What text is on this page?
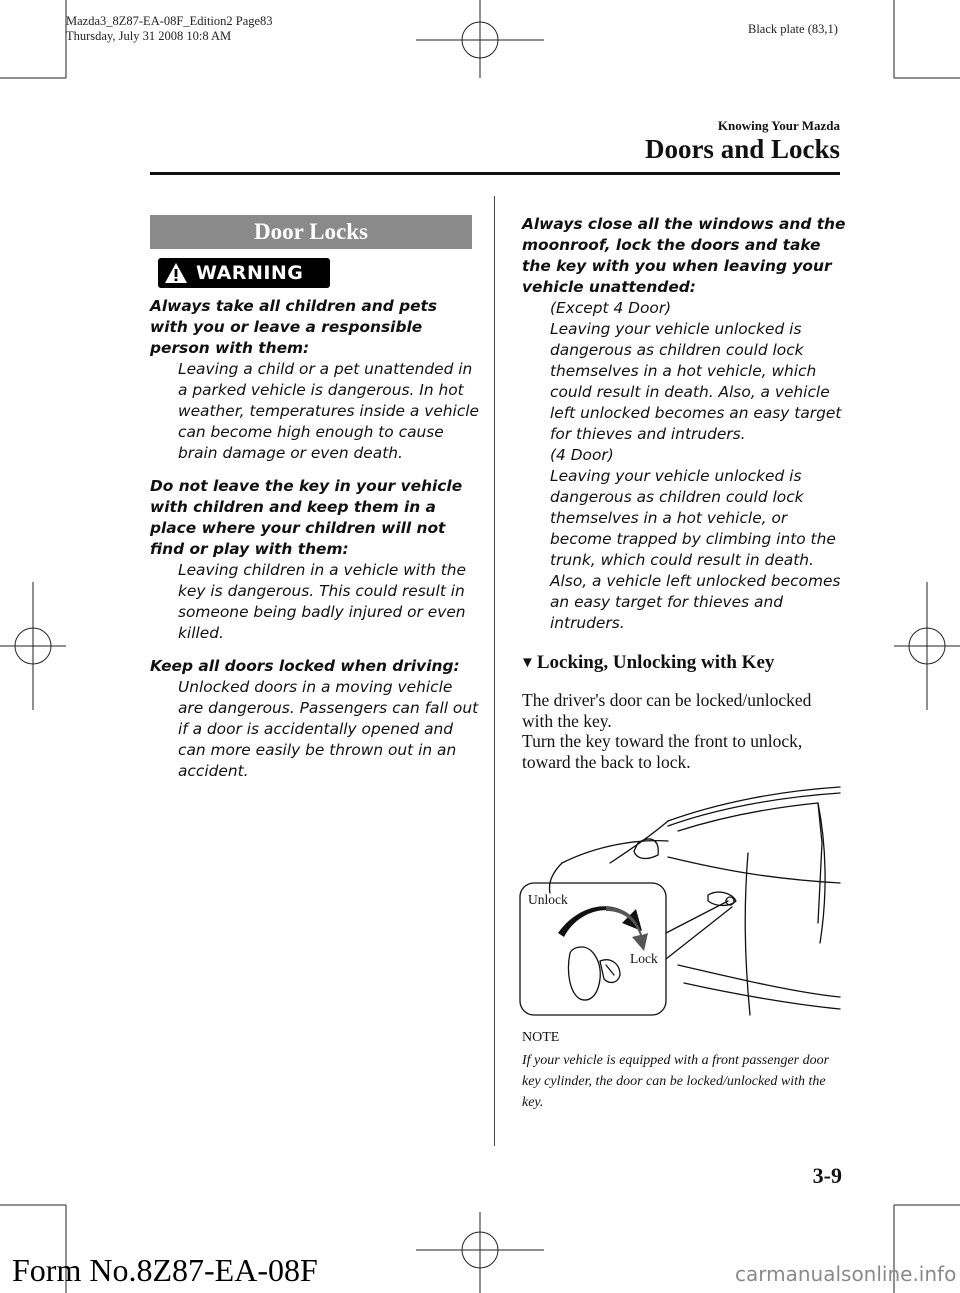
Mazda3_8Z87-EA-08F_Edition2 Page83
Thursday, July 31 2008 10:8 AM	Black plate (83,1)
Knowing Your Mazda
Doors and Locks
Door Locks
WARNING
Always take all children and pets with you or leave a responsible person with them:
Leaving a child or a pet unattended in a parked vehicle is dangerous. In hot weather, temperatures inside a vehicle can become high enough to cause brain damage or even death.
Do not leave the key in your vehicle with children and keep them in a place where your children will not find or play with them:
Leaving children in a vehicle with the key is dangerous. This could result in someone being badly injured or even killed.
Keep all doors locked when driving:
Unlocked doors in a moving vehicle are dangerous. Passengers can fall out if a door is accidentally opened and can more easily be thrown out in an accident.
Always close all the windows and the moonroof, lock the doors and take the key with you when leaving your vehicle unattended:
(Except 4 Door)
Leaving your vehicle unlocked is dangerous as children could lock themselves in a hot vehicle, which could result in death. Also, a vehicle left unlocked becomes an easy target for thieves and intruders.
(4 Door)
Leaving your vehicle unlocked is dangerous as children could lock themselves in a hot vehicle, or become trapped by climbing into the trunk, which could result in death. Also, a vehicle left unlocked becomes an easy target for thieves and intruders.
▼ Locking, Unlocking with Key
The driver's door can be locked/unlocked with the key.
Turn the key toward the front to unlock, toward the back to lock.
Unlock
Lock
NOTE
If your vehicle is equipped with a front passenger door key cylinder, the door can be locked/unlocked with the key.
3-9
Form No.8Z87-EA-08F	carmanualsonline.info
